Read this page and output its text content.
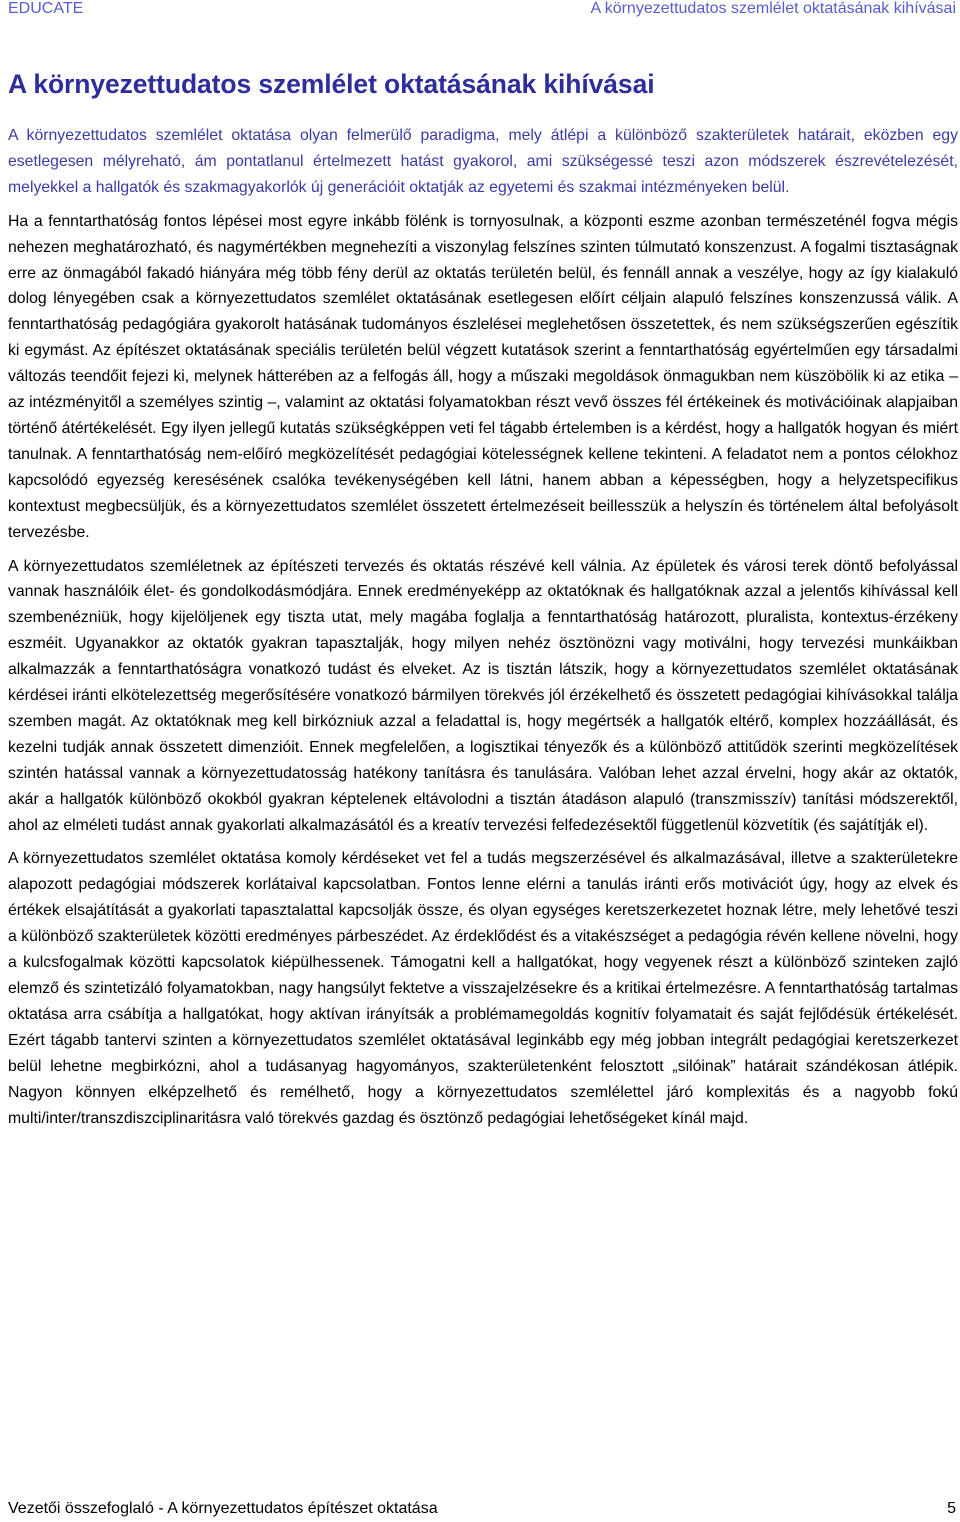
EDUCATE	A környezettudatos szemlélet oktatásának kihívásai
A környezettudatos szemlélet oktatásának kihívásai

A környezettudatos szemlélet oktatása olyan felmerülő paradigma, mely átlépi a különböző szakterületek határait, eközben egy esetlegesen mélyreható, ám pontatlanul értelmezett hatást gyakorol, ami szükségessé teszi azon módszerek észrevételezését, melyekkel a hallgatók és szakmagyakorlók új generációit oktatják az egyetemi és szakmai intézményeken belül.

Ha a fenntarthatóság fontos lépései most egyre inkább fölénk is tornyosulnak, a központi eszme azonban természeténél fogva mégis nehezen meghatározható, és nagymértékben megnehezíti a viszonylag felszínes szinten túlmutató konszenzust. A fogalmi tisztaságnak erre az önmagából fakadó hiányára még több fény derül az oktatás területén belül, és fennáll annak a veszélye, hogy az így kialakuló dolog lényegében csak a környezettudatos szemlélet oktatásának esetlegesen előírt céljain alapuló felszínes konszenzussá válik. A fenntarthatóság pedagógiára gyakorolt hatásának tudományos észlelései meglehetősen összetettek, és nem szükségszerűen egészítik ki egymást. Az építészet oktatásának speciális területén belül végzett kutatások szerint a fenntarthatóság egyértelműen egy társadalmi változás teendőit fejezi ki, melynek hátterében az a felfogás áll, hogy a műszaki megoldások önmagukban nem küszöbölik ki az etika – az intézményitől a személyes szintig –, valamint az oktatási folyamatokban részt vevő összes fél értékeinek és motivációinak alapjaiban történő átértékelését. Egy ilyen jellegű kutatás szükségképpen veti fel tágabb értelemben is a kérdést, hogy a hallgatók hogyan és miért tanulnak. A fenntarthatóság nem-előíró megközelítését pedagógiai kötelességnek kellene tekinteni. A feladatot nem a pontos célokhoz kapcsolódó egyezség keresésének csalóka tevékenységében kell látni, hanem abban a képességben, hogy a helyzetspecifikus kontextust megbecsüljük, és a környezettudatos szemlélet összetett értelmezéseit beillesszük a helyszín és történelem által befolyásolt tervezésbe.

A környezettudatos szemléletnek az építészeti tervezés és oktatás részévé kell válnia. Az épületek és városi terek döntő befolyással vannak használóik élet- és gondolkodásmódjára. Ennek eredményeképp az oktatóknak és hallgatóknak azzal a jelentős kihívással kell szembenézniük, hogy kijelöljenek egy tiszta utat, mely magába foglalja a fenntarthatóság határozott, pluralista, kontextus-érzékeny eszméit. Ugyanakkor az oktatók gyakran tapasztalják, hogy milyen nehéz ösztönözni vagy motiválni, hogy tervezési munkáikban alkalmazzák a fenntarthatóságra vonatkozó tudást és elveket. Az is tisztán látszik, hogy a környezettudatos szemlélet oktatásának kérdései iránti elkötelezettség megerősítésére vonatkozó bármilyen törekvés jól érzékelhető és összetett pedagógiai kihívásokkal találja szemben magát. Az oktatóknak meg kell birkózniuk azzal a feladattal is, hogy megértsék a hallgatók eltérő, komplex hozzáállását, és kezelni tudják annak összetett dimenzióit. Ennek megfelelően, a logisztikai tényezők és a különböző attitűdök szerinti megközelítések szintén hatással vannak a környezettudatosság hatékony tanításra és tanulására. Valóban lehet azzal érvelni, hogy akár az oktatók, akár a hallgatók különböző okokból gyakran képtelenek eltávolodni a tisztán átadáson alapuló (transzmisszív) tanítási módszerektől, ahol az elméleti tudást annak gyakorlati alkalmazásától és a kreatív tervezési felfedezésektől függetlenül közvetítik (és sajátítják el).

A környezettudatos szemlélet oktatása komoly kérdéseket vet fel a tudás megszerzésével és alkalmazásával, illetve a szakterületekre alapozott pedagógiai módszerek korlátaival kapcsolatban. Fontos lenne elérni a tanulás iránti erős motivációt úgy, hogy az elvek és értékek elsajátítását a gyakorlati tapasztalattal kapcsolják össze, és olyan egységes keretszerkezetet hoznak létre, mely lehetővé teszi a különböző szakterületek közötti eredményes párbeszédet. Az érdeklődést és a vitakészséget a pedagógia révén kellene növelni, hogy a kulcsfogalmak közötti kapcsolatok kiépülhessenek. Támogatni kell a hallgatókat, hogy vegyenek részt a különböző szinteken zajló elemző és szintetizáló folyamatokban, nagy hangsúlyt fektetve a visszajelzésekre és a kritikai értelmezésre. A fenntarthatóság tartalmas oktatása arra csábítja a hallgatókat, hogy aktívan irányítsák a problémamegoldás kognitív folyamatait és saját fejlődésük értékelését. Ezért tágabb tantervi szinten a környezettudatos szemlélet oktatásával leginkább egy még jobban integrált pedagógiai keretszerkezet belül lehetne megbirkózni, ahol a tudásanyag hagyományos, szakterületenként felosztott „silóinak” határait szándékosan átlépik. Nagyon könnyen elképzelhető és remélhető, hogy a környezettudatos szemlélettel járó komplexitás és a nagyobb fokú multi/inter/transzdiszciplinaritásra való törekvés gazdag és ösztönző pedagógiai lehetőségeket kínál majd.

Vezetői összefoglaló - A környezettudatos építészet oktatása	5
